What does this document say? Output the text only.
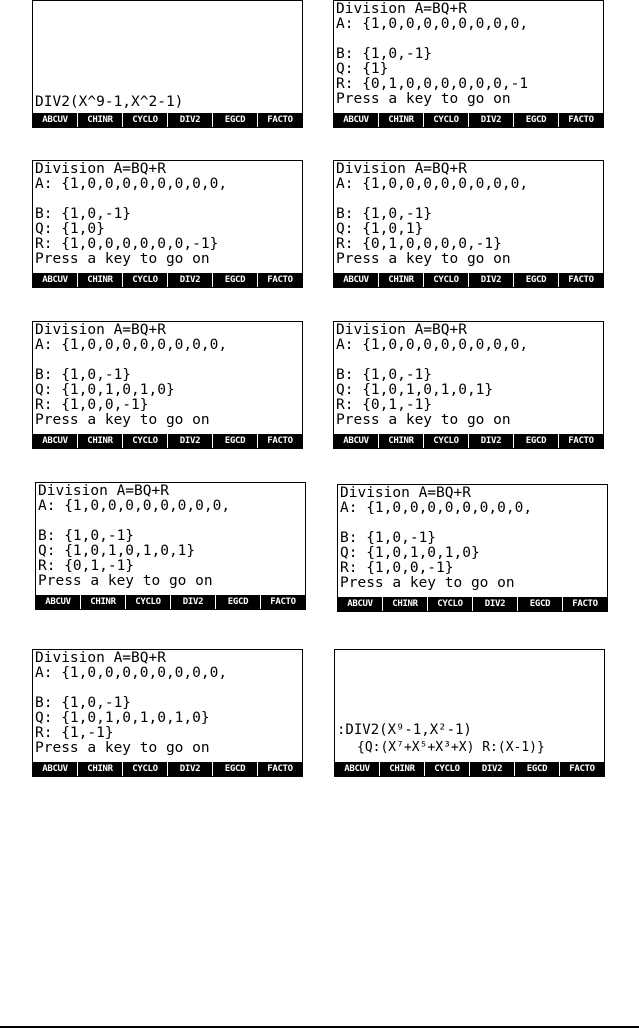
DIV2(X^9-1,X^2-1)
ABCUV	CHINR	CYCLO	DIV2	EGCD	FACTO
Division A=BQ+R
A: {1,0,0,0,0,0,0,0,0,
B: {1,0,-1}
Q: {1}
R: {0,1,0,0,0,0,0,0,-1
Press a key to go on
ABCUV	CHINR	CYCLO	DIV2	EGCD	FACTO
Division A=BQ+R
A: {1,0,0,0,0,0,0,0,0,
B: {1,0,-1}
Q: {1,0}
R: {1,0,0,0,0,0,0,-1}
Press a key to go on
ABCUV	CHINR	CYCLO	DIV2	EGCD	FACTO
Division A=BQ+R
A: {1,0,0,0,0,0,0,0,0,
B: {1,0,-1}
Q: {1,0,1}
R: {0,1,0,0,0,0,-1}
Press a key to go on
ABCUV	CHINR	CYCLO	DIV2	EGCD	FACTO
Division A=BQ+R
A: {1,0,0,0,0,0,0,0,0,
B: {1,0,-1}
Q: {1,0,1,0,1,0}
R: {1,0,0,-1}
Press a key to go on
ABCUV	CHINR	CYCLO	DIV2	EGCD	FACTO
Division A=BQ+R
A: {1,0,0,0,0,0,0,0,0,
B: {1,0,-1}
Q: {1,0,1,0,1,0,1}
R: {0,1,-1}
Press a key to go on
ABCUV	CHINR	CYCLO	DIV2	EGCD	FACTO
Division A=BQ+R
A: {1,0,0,0,0,0,0,0,0,
B: {1,0,-1}
Q: {1,0,1,0,1,0,1}
R: {0,1,-1}
Press a key to go on
ABCUV	CHINR	CYCLO	DIV2	EGCD	FACTO
Division A=BQ+R
A: {1,0,0,0,0,0,0,0,0,
B: {1,0,-1}
Q: {1,0,1,0,1,0}
R: {1,0,0,-1}
Press a key to go on
ABCUV	CHINR	CYCLO	DIV2	EGCD	FACTO
Division A=BQ+R
A: {1,0,0,0,0,0,0,0,0,
B: {1,0,-1}
Q: {1,0,1,0,1,0,1,0}
R: {1,-1}
Press a key to go on
ABCUV	CHINR	CYCLO	DIV2	EGCD	FACTO
:DIV2(X⁹-1,X²-1)
{Q:(X⁷+X⁵+X³+X) R:(X-1)}
ABCUV	CHINR	CYCLO	DIV2	EGCD	FACTO
